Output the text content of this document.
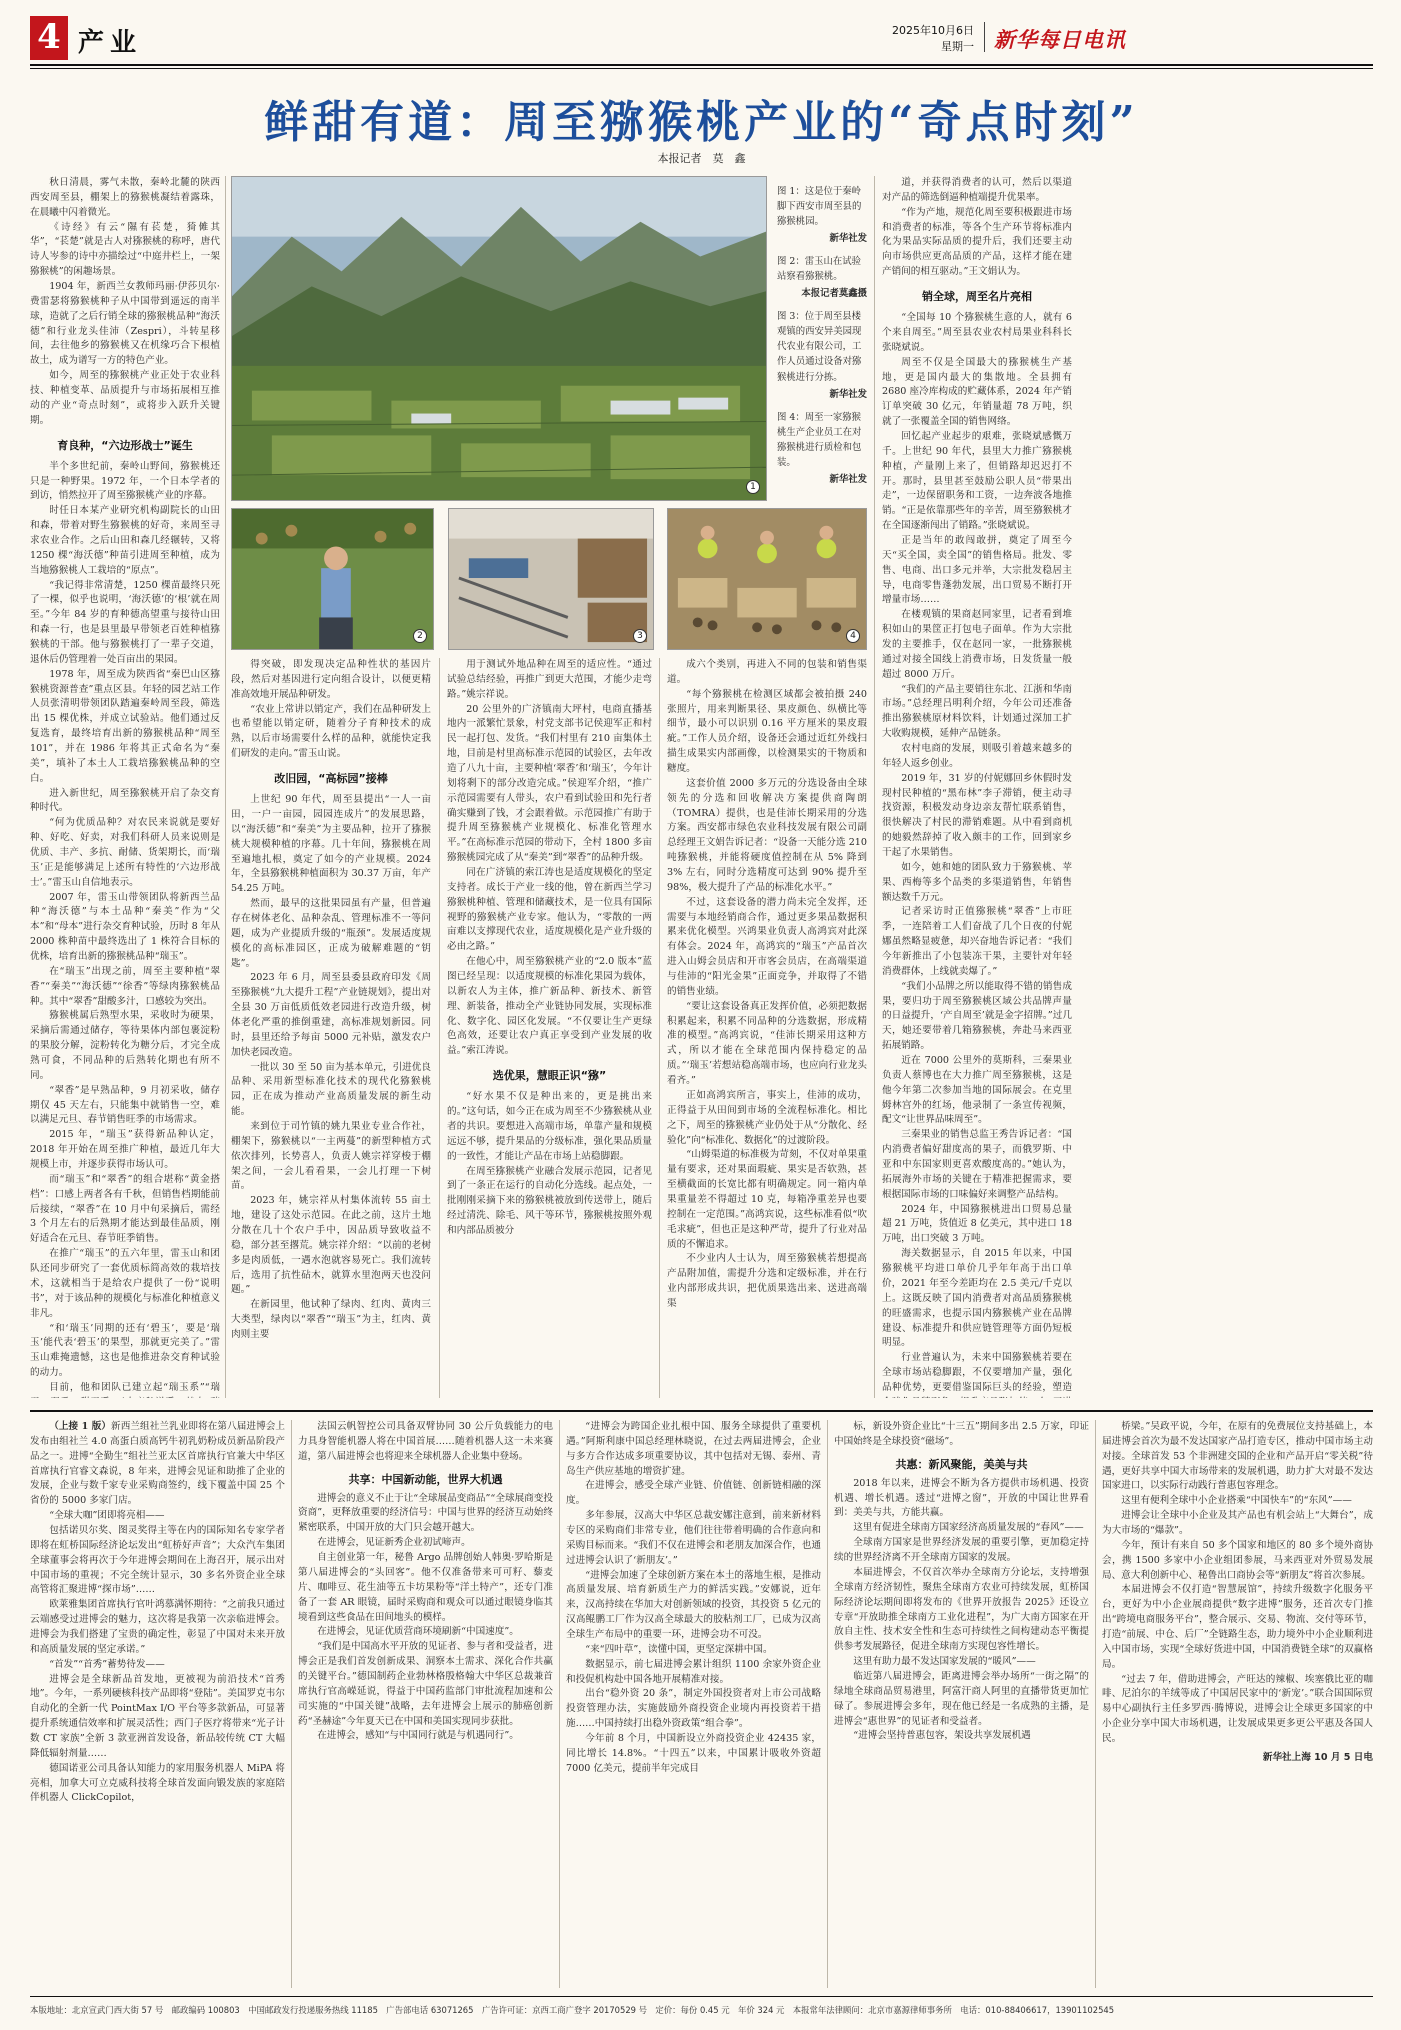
4 产业	2025年10月6日
星期一 新华每日电讯
鲜甜有道：周至猕猴桃产业的“奇点时刻”
本报记者　莫　鑫

秋日清晨，雾气未散，秦岭北麓的陕西西安周至县，棚架上的猕猴桃凝结着露珠，在晨曦中闪着微光。

《诗经》有云“隰有苌楚，猗傩其华”，“苌楚”就是古人对猕猴桃的称呼，唐代诗人岑参的诗中亦描绘过“中庭井栏上，一架猕猴桃”的闲趣场景。

1904 年，新西兰女教师玛丽·伊莎贝尔·费雷瑟将猕猴桃种子从中国带到遥远的南半球，造就了之后行销全球的猕猴桃品种“海沃德”和行业龙头佳沛（Zespri），斗转星移间，去往他乡的猕猴桃又在机缘巧合下根植故土，成为谱写一方的特色产业。

如今，周至的猕猴桃产业正处于农业科技、种植变革、品质提升与市场拓展相互推动的产业“奇点时刻”，或将步入跃升关键期。

育良种，“六边形战士”诞生

半个多世纪前，秦岭山野间，猕猴桃还只是一种野果。1972 年，一个日本学者的到访，悄然拉开了周至猕猴桃产业的序幕。

时任日本某产业研究机构副院长的山田和森，带着对野生猕猴桃的好奇，来周至寻求农业合作。之后山田和森几经辗转，又将 1250 棵“海沃德”种苗引进周至种植，成为当地猕猴桃人工栽培的“原点”。

“我记得非常清楚，1250 棵苗最终只死了一棵，似乎也说明，‘海沃德’的‘根’就在周至。”今年 84 岁的育种德高望重与接待山田和森一行，也是县里最早带领老百姓种植猕猴桃的干部。他与猕猴桃打了一辈子交道，退休后仍管理着一处百亩出的果园。

1978 年，周至成为陕西省“秦巴山区猕猴桃资源普查”重点区县。年轻的园艺站工作人员张清明带领团队踏遍秦岭周至段，筛选出 15 棵优株，并成立试验站。他们通过反复选育，最终培育出新的猕猴桃品种“周至 101”，并在 1986 年将其正式命名为“秦美”，填补了本土人工栽培猕猴桃品种的空白。

进入新世纪，周至猕猴桃开启了杂交育种时代。

“何为优质品种？对农民来说就是要好种、好吃、好卖，对我们科研人员来说则是优质、丰产、多抗、耐储、货架期长，而‘瑞玉’正是能够满足上述所有特性的‘六边形战士’。”雷玉山自信地表示。

2007 年，雷玉山带领团队将新西兰品种“海沃德”与本土品种“秦美”作为“父本”和“母本”进行杂交育种试验，历时 8 年从 2000 株种苗中最终选出了 1 株符合目标的优株，培育出新的猕猴桃品种“瑞玉”。

在“瑞玉”出现之前，周至主要种植“翠香”“秦美”“海沃德”“徐香”等绿肉猕猴桃品种。其中“翠香”甜酸多汁，口感较为突出。

猕猴桃属后熟型水果，采收时为硬果，采摘后需通过储存，等待果体内部包裹淀粉的果胶分解，淀粉转化为糖分后，才完全成熟可食，不同品种的后熟转化期也有所不同。

“翠香”是早熟品种，9 月初采收，储存期仅 45 天左右，只能集中就销售一空，难以满足元旦、春节销售旺季的市场需求。

2015 年，“瑞玉”获得新品种认定，2018 年开始在周至推广种植，最近几年大规模上市，并逐步获得市场认可。

而“瑞玉”和“翠香”的组合堪称“黄金搭档”：口感上两者各有千秋，但销售档期能前后接续，“翠香”在 10 月中旬采摘后，需经 3 个月左右的后熟期才能达到最佳品质，刚好适合在元旦、春节旺季销售。

在推广“瑞玉”的五六年里，雷玉山和团队还同步研究了一套优质标简高效的栽培技术，这就相当于是给农户提供了一份“说明书”，对于该品种的规模化与标准化种植意义非凡。

“和‘瑞玉’同期的还有‘碧玉’，要是‘瑞玉’能代表‘碧玉’的果型，那就更完美了。”雷玉山难掩遗憾，这也是他推进杂交育种试验的动力。

目前，他和团队已建立起“瑞玉系”“瑞

1
图 1：这是位于秦岭脚下西安市周至县的猕猴桃园。
新华社发
图 2：雷玉山在试验站察看猕猴桃。
本报记者莫鑫摄
图 3：位于周至县楼观镇的西安异美园现代农业有限公司，工作人员通过设备对猕猴桃进行分拣。
新华社发
图 4：周至一家猕猴桃生产企业员工在对猕猴桃进行质检和包装。
新华社发
2	3	4

得突破，即发现决定品种性状的基因片段，然后对基因进行定向组合设计，以便更精准高效地开展品种研发。

“农业上常讲以销定产，我们在品种研发上也希望能以销定研，随着分子育种技术的成熟，以后市场需要什么样的品种，就能快定我们研发的走向。”雷玉山说。

改旧园，“高标园”接棒

上世纪 90 年代，周至县提出“一人一亩田，一户一亩园，园园连成片”的发展思路，以“海沃德”和“秦美”为主要品种，拉开了猕猴桃大规模种植的序幕。几十年间，猕猴桃在周至遍地扎根，奠定了如今的产业规模。2024 年，全县猕猴桃种植面积为 30.37 万亩，年产 54.25 万吨。

然而，最早的这批果园虽有产量，但普遍存在树体老化、品种杂乱、管理标准不一等问题，成为产业提质升级的“瓶颈”。发展适度规模化的高标准园区，正成为破解难题的“钥匙”。

2023 年 6 月，周至县委县政府印发《周至猕猴桃“九大提升工程”产业链规划》，提出对全县 30 万亩低质低效老园进行改造升级，树体老化严重的推倒重建，高标准规划新园。同时，县里还给予每亩 5000 元补贴，激发农户加快老园改造。

一批以 30 至 50 亩为基本单元，引进优良品种、采用新型标准化技术的现代化猕猴桃园，正在成为推动产业高质量发展的新生动能。

来到位于司竹镇的姚九果业专业合作社，棚架下，猕猴桃以“一主两蔓”的新型种植方式依次排列，长势喜人，负责人姚宗祥穿梭于棚架之间，一会儿看看果，一会儿打理一下树苗。

2023 年，姚宗祥从村集体流转 55 亩土地，建设了这处示范园。在此之前，这片土地分散在几十个农户手中，因品质导致收益不稳，部分甚至撂荒。姚宗祥介绍：“以前的老树多是肉质低，一遇水泡就容易死亡。我们流转后，选用了抗性砧木，就算水里泡两天也没问题。”

在新园里，他试种了绿肉、红肉、黄肉三大类型，绿肉以“翠香”“瑞玉”为主，红肉、黄肉则主要

用于测试外地品种在周至的适应性。“通过试验总结经验，再推广到更大范围，才能少走弯路。”姚宗祥说。

20 公里外的广济镇南大坪村，电商直播基地内一派繁忙景象，村党支部书记侯迎军正和村民一起打包、发货。“我们村里有 210 亩集体土地，目前是村里高标准示范园的试验区，去年改造了八九十亩，主要种植‘翠香’和‘瑞玉’，今年计划将剩下的部分改造完成。”侯迎军介绍，“推广示范园需要有人带头，农户看到试验田和先行者确实赚到了钱，才会跟着做。示范园推广有助于提升周至猕猴桃产业规模化、标准化管理水平。”在高标准示范园的带动下，全村 1800 多亩猕猴桃园完成了从“秦美”到“翠香”的品种升级。

同在广济镇的索江涛也是适度规模化的坚定支持者。成长于产业一线的他，曾在新西兰学习猕猴桃种植、管理和储藏技术，是一位具有国际视野的猕猴桃产业专家。他认为，“零散的一两亩难以支撑现代农业，适度规模化是产业升级的必由之路。”

在他心中，周至猕猴桃产业的“2.0 版本”蓝图已经呈现：以适度规模的标准化果园为载体，以新农人为主体，推广新品种、新技术、新管理、新装备，推动全产业链协同发展，实现标准化、数字化、园区化发展。“不仅要让生产更绿色高效，还要让农户真正享受到产业发展的收益。”索江涛说。

选优果，慧眼正识“猕”

“好水果不仅是种出来的，更是挑出来的。”这句话，如今正在成为周至不少猕猴桃从业者的共识。要想进入高端市场，单靠产量和规模远远不够，提升果品的分级标准，强化果品质量的一致性，才能让产品在市场上站稳脚跟。

在周至猕猴桃产业融合发展示范园，记者见到了一条正在运行的自动化分选线。起点处，一批刚刚采摘下来的猕猴桃被放到传送带上，随后经过清洗、除毛、风干等环节，猕猴桃按照外观和内部品质被分

成六个类别，再进入不同的包装和销售渠道。

“每个猕猴桃在检测区域都会被拍摄 240 张照片，用来判断果径、果皮颜色、纵横比等细节，最小可以识别 0.16 平方厘米的果皮瑕疵。”工作人员介绍，设备还会通过近红外线扫描生成果实内部画像，以检测果实的干物质和糖度。

这套价值 2000 多万元的分选设备由全球领先的分选和回收解决方案提供商陶朗（TOMRA）提供，也是佳沛长期采用的分选方案。西安都市绿色农业科技发展有限公司副总经理王文娟告诉记者：“设备一天能分选 210 吨猕猴桃，并能将硬度值控制在从 5% 降到 3% 左右，同时分选精度可达到 90% 提升至 98%，极大提升了产品的标准化水平。”

不过，这套设备的潜力尚未完全发挥，还需要与本地经销商合作，通过更多果品数据积累来优化模型。兴鸿果业负责人高鸿宾对此深有体会。2024 年，高鸿宾的“瑞玉”产品首次进入山姆会员店和开市客会员店，在高端渠道与佳沛的“阳光金果”正面竞争，并取得了不错的销售业绩。

“要让这套设备真正发挥价值，必须把数据积累起来，积累不同品种的分选数据，形成精准的模型。”高鸿宾说，“佳沛长期采用这种方式，所以才能在全球范围内保持稳定的品质。”‘瑞玉’若想站稳高端市场，也应向行业龙头看齐。”

正如高鸿宾所言，事实上，佳沛的成功，正得益于从田间到市场的全流程标准化。相比之下，周至的猕猴桃产业仍处于从“分散化、经验化”向“标准化、数据化”的过渡阶段。

“山姆渠道的标准极为苛刻，不仅对单果重量有要求，还对果面瑕疵、果实是否软熟，甚至横截面的长宽比都有明确规定。同一箱内单果重量差不得超过 10 克，每箱净重差异也要控制在一定范围。”高鸿宾说，这些标准看似“吹毛求疵”，但也正是这种严苛，提升了行业对品质的不懈追求。

不少业内人士认为，周至猕猴桃若想提高产品附加值，需提升分选和定级标准，并在行业内部形成共识，把优质果选出来、送进高端渠

道，并获得消费者的认可，然后以渠道对产品的筛选倒逼种植端提升优果率。

“作为产地，规范化周至要积极跟进市场和消费者的标准，等各个生产环节将标准内化为果品实际品质的提升后，我们还要主动向市场供应更高品质的产品，这样才能在建产销间的相互驱动。”王文娟认为。

销全球，周至名片亮相

“全国每 10 个猕猴桃生意的人，就有 6 个来自周至。”周至县农业农村局果业科科长张晓斌说。

周至不仅是全国最大的猕猴桃生产基地，更是国内最大的集散地。全县拥有 2680 座冷库构成的贮藏体系，2024 年产销订单突破 30 亿元，年销量超 78 万吨，织就了一张覆盖全国的销售网络。

回忆起产业起步的艰难，张晓斌感慨万千。上世纪 90 年代，县里大力推广猕猴桃种植，产量刚上来了，但销路却迟迟打不开。那时，县里甚至鼓励公职人员“带果出走”，一边保留职务和工资，一边奔波各地推销。“正是依靠那些年的辛苦，周至猕猴桃才在全国逐渐闯出了销路。”张晓斌说。

正是当年的敢闯敢拼，奠定了周至今天“买全国，卖全国”的销售格局。批发、零售、电商、出口多元并举，大宗批发稳居主导，电商零售蓬勃发展，出口贸易不断打开增量市场……

在楼观镇的果商赵同家里，记者看到堆积如山的果筐正打包电子面单。作为大宗批发的主要推手，仅在赵同一家，一批猕猴桃通过对接全国线上消费市场，日发货量一般超过 8000 万斤。

“我们的产品主要销往东北、江浙和华南市场。”总经理吕明利介绍，今年公司还准备推出猕猴桃原材料饮料，计划通过深加工扩大收购规模，延伸产品链条。

农村电商的发展，则吸引着越来越多的年轻人返乡创业。

2019 年，31 岁的付妮娜回乡休假时发现村民种植的“黑布林”李子滞销，便主动寻找资源，积极发动身边亲友帮忙联系销售，很快解决了村民的滞销难题。从中看到商机的她毅然辞掉了收入颇丰的工作，回到家乡干起了水果销售。

如今，她和她的团队致力于猕猴桃、苹果、西梅等多个品类的多渠道销售，年销售额达数千万元。

记者采访时正值猕猴桃“翠香”上市旺季，一连陪着工人们奋战了几个日夜的付妮娜虽然略显疲惫，却兴奋地告诉记者：“我们今年新推出了小包装冻干果，主要针对年轻消费群体，上线就卖爆了。”

“我们小品牌之所以能取得不错的销售成果，要归功于周至猕猴桃区域公共品牌声量的日益提升，‘产自周至’就是金字招牌。”过几天，她还要带着几箱猕猴桃，奔赴马来西亚拓展销路。

近在 7000 公里外的莫斯科，三秦果业负责人蔡博也在大力推广周至猕猴桃，这是他今年第二次参加当地的国际展会。在克里姆林宫外的红场，他录制了一条宣传视频，配文“让世界品味周至”。

三秦果业的销售总监王秀告诉记者：“国内消费者偏好甜度高的果子，而俄罗斯、中亚和中东国家则更喜欢酸度高的。”她认为，拓展海外市场的关键在于精准把握需求，要根据国际市场的口味偏好来调整产品结构。

2024 年，中国猕猴桃进出口贸易总量超 21 万吨，货值近 8 亿美元，其中进口 18 万吨，出口突破 3 万吨。

海关数据显示，自 2015 年以来，中国猕猴桃平均进口单价几乎年年高于出口单价，2021 年至今差距均在 2.5 美元/千克以上。这既反映了国内消费者对高品质猕猴桃的旺盛需求，也提示国内猕猴桃产业在品牌建设、标准提升和供应链管理等方面仍短板明显。

行业普遍认为，未来中国猕猴桃若要在全球市场站稳脚跟，不仅要增加产量，强化品种优势，更要借鉴国际巨头的经验，塑造

（上接 1 版）新西兰组社兰乳业即将在第八届进博会上发布由组社兰 4.0 高蛋白质高钙牛初乳奶粉成员新品阶段产品之一。进博“全勤生”组社兰亚太区首席执行官兼大中华区首席执行官睿文森说，8 年来，进博会见证和助推了企业的发展，企业与数千家专业采购商签约，线下覆盖中国 25 个省份的 5000 多家门店。

“全球大咖”团即将亮相——

包括诺贝尔奖、图灵奖得主等在内的国际知名专家学者即将在虹桥国际经济论坛发出“虹桥好声音”；大众汽车集团全球董事会将再次于今年进博会期间在上海召开，展示出对中国市场的重视；不完全统计显示，30 多名外资企业全球高管将汇聚进博“探市场”……

欧莱雅集团首席执行官叶鸿慕满怀期待：“之前我只通过云端感受过进博会的魅力，这次将是我第一次亲临进博会。进博会为我们搭建了宝贵的确定性，彰显了中国对未来开放和高质量发展的坚定承诺。”

“首发”“首秀”蓄势待发——

进博会是全球新品首发地，更被视为前沿技术“首秀地”。今年，一系列硬核科技产品即将“登陆”。美国罗克韦尔自动化的全新一代 PointMax I/O 平台等多款新品，可显著提升系统通信效率和扩展灵活性；西门子医疗将带来“光子计数 CT 家族”全新 3 款亚洲首发设备，新品较传统 CT 大幅降低辐射剂量……

德国诺亚公司具备认知能力的家用服务机器人 MiPA 将亮相，加拿大可立克威科技将全球首发面向锻发族的家庭陪伴机器人 ClickCopilot，

法国云帆智控公司具备双臂协同 30 公斤负载能力的电力具身智能机器人将在中国首展……随着机器人这一未来赛道，第八届进博会也将迎来全球机器人企业集中登场。

共享：中国新动能，世界大机遇

进博会的意义不止于让“全球展品变商品”“全球展商变投资商”，更释放重要的经济信号：中国与世界的经济互动始终紧密联系，中国开放的大门只会越开越大。

在进博会，见证新秀企业初试啼声。

自主创业第一年，秘鲁 Argo 品牌创始人韩奥·罗哈斯是第八届进博会的“头回客”。他不仅准备带来可可籽、藜麦片、咖啡豆、花生油等五卡坊果粉等“洋土特产”，还专门准备了一套 AR 眼镜，届时采购商和观众可以通过眼镜身临其境看到这些食品在田间地头的模样。

在进博会，见证优质营商环境刷新“中国速度”。

“我们是中国高水平开放的见证者、参与者和受益者，进博会正是我们首发创新成果、洞察本土需求、深化合作共赢的关键平台。”德国制药企业勃林格殷格翰大中华区总裁兼首席执行官高嵘延说，得益于中国药监部门审批流程加速和公司实施的“中国关键”战略，去年进博会上展示的肺癌创新药“圣赫途”今年夏天已在中国和美国实现同步获批。

在进博会，感知“与中国同行就是与机遇同行”。

“进博会为跨国企业扎根中国、服务全球提供了重要机遇。”阿斯利康中国总经理林晓说，在过去两届进博会，企业与多方合作达成多项重要协议，其中包括对无锡、泰州、青岛生产供应基地的增资扩建。

在进博会，感受全球产业链、价值链、创新链相融的深度。

多年参展，汉高大中华区总裁安娜注意到，前来新材料专区的采购商们非常专业，他们往往带着明确的合作意向和采购目标而来。“我们不仅在进博会和老朋友加深合作，也通过进博会认识了‘新朋友’。”

“进博会加速了全球创新方案在本土的落地生根，是推动高质量发展、培育新质生产力的鲜活实践。”安娜说，近年来，汉高持续在华加大对创新领域的投资，其投资 5 亿元的汉高鲲鹏工厂作为汉高全球最大的胶粘剂工厂，已成为汉高全球生产布局中的重要一环，进博会功不可没。

“来“四叶草”，读懂中国，更坚定深耕中国。

数据显示，前七届进博会累计组织 1100 余家外资企业和投促机构赴中国各地开展精准对接。

出台“稳外资 20 条”，制定外国投资者对上市公司战略投资管理办法，实施鼓励外商投资企业境内再投资若干措施……中国持续打出稳外资政策“组合拳”。

今年前 8 个月，中国新设立外商投资企业 42435 家，同比增长 14.8%。“十四五”以来，中国累计吸收外资超 7000 亿美元，提前半年完成目

标，新设外资企业比“十三五”期间多出 2.5 万家，印证中国始终是全球投资“磁场”。

共惠：新风聚能，美美与共

2018 年以来，进博会不断为各方提供市场机遇、投资机遇、增长机遇。透过“进博之窗”，开放的中国让世界看到：美美与共，方能共赢。

这里有促进全球南方国家经济高质量发展的“春风”——

全球南方国家是世界经济发展的重要引擎，更加稳定持续的世界经济离不开全球南方国家的发展。

本届进博会，不仅首次举办全球南方分论坛，支持增强全球南方经济韧性，聚焦全球南方农业可持续发展，虹桥国际经济论坛期间即将发布的《世界开放报告 2025》还设立专章“开放助推全球南方工业化进程”，为广大南方国家在开放自主性、技术安全性和生态可持续性之间构建动态平衡提供参考发展路径，促进全球南方实现包容性增长。

这里有助力最不发达国家发展的“暖风”——

临近第八届进博会，距离进博会举办场所“一街之隔”的绿地全球商品贸易港里，阿富汗商人阿里的直播带货更加忙碌了。参展进博会多年，现在他已经是一名成熟的主播，是进博会“惠世界”的见证者和受益者。

“进博会坚持普惠包容，架设共享发展机遇

桥梁。”吴政平说，今年，在原有的免费展位支持基础上，本届进博会首次为最不发达国家产品打造专区，推动中国市场主动对接。全球首发 53 个非洲建交国的企业和产品开启“零关税”待遇，更好共享中国大市场带来的发展机遇，助力扩大对最不发达国家进口，以实际行动践行普惠包容理念。

这里有便利全球中小企业搭乘“中国快车”的“东风”——

进博会让全球中小企业及其产品也有机会站上“大舞台”，成为大市场的“爆款”。

今年，预计有来自 50 多个国家和地区的 80 多个境外商协会，携 1500 多家中小企业组团参展，马来西亚对外贸易发展局、意大利创新中心、秘鲁出口商协会等“新朋友”将首次参展。

本届进博会不仅打造“智慧展馆”，持续升级数字化服务平台，更好为中小企业展商提供“数字进博”服务，还首次专门推出“跨境电商服务平台”，整合展示、交易、物流、交付等环节，打造“前展、中仓、后厂”全链路生态，助力境外中小企业顺利进入中国市场，实现“全球好货进中国，中国消费链全球”的双赢格局。

“过去 7 年，借助进博会，产旺达的辣椒、埃塞俄比亚的咖啡、尼泊尔的羊绒等成了中国居民家中的‘新宠’。”联合国国际贸易中心副执行主任多罗西·腾博说，进博会让全球更多国家的中小企业分享中国大市场机遇，让发展成果更多更公平惠及各国人民。

新华社上海 10 月 5 日电
本版地址：北京宣武门西大街 57 号　邮政编码 100803　中国邮政发行投递服务热线 11185　广告部电话 63071265　广告许可证：京西工商广登字 20170529 号　定价：每份 0.45 元　年价 324 元　本报常年法律顾问：北京市嘉源律师事务所　电话：010-88406617，13901102545
